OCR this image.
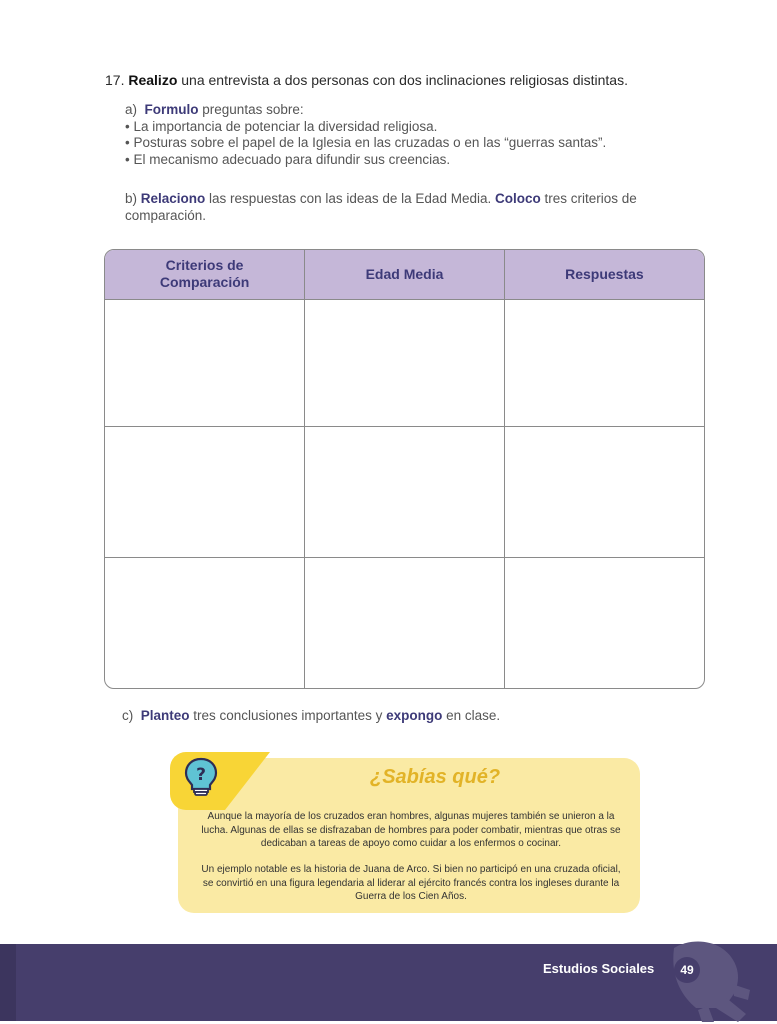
17. Realizo una entrevista a dos personas con dos inclinaciones religiosas distintas.
a) Formulo preguntas sobre:
• La importancia de potenciar la diversidad religiosa.
• Posturas sobre el papel de la Iglesia en las cruzadas o en las “guerras santas”.
• El mecanismo adecuado para difundir sus creencias.
b) Relaciono las respuestas con las ideas de la Edad Media. Coloco tres criterios de comparación.
Criterios de Comparación	Edad Media	Respuestas

c) Planteo tres conclusiones importantes y expongo en clase.
?	¿Sabías qué?
Aunque la mayoría de los cruzados eran hombres, algunas mujeres también se unieron a la lucha. Algunas de ellas se disfrazaban de hombres para poder combatir, mientras que otras se dedicaban a tareas de apoyo como cuidar a los enfermos o cocinar.
Un ejemplo notable es la historia de Juana de Arco. Si bien no participó en una cruzada oficial, se convirtió en una figura legendaria al liderar al ejército francés contra los ingleses durante la Guerra de los Cien Años.
Estudios Sociales	49
